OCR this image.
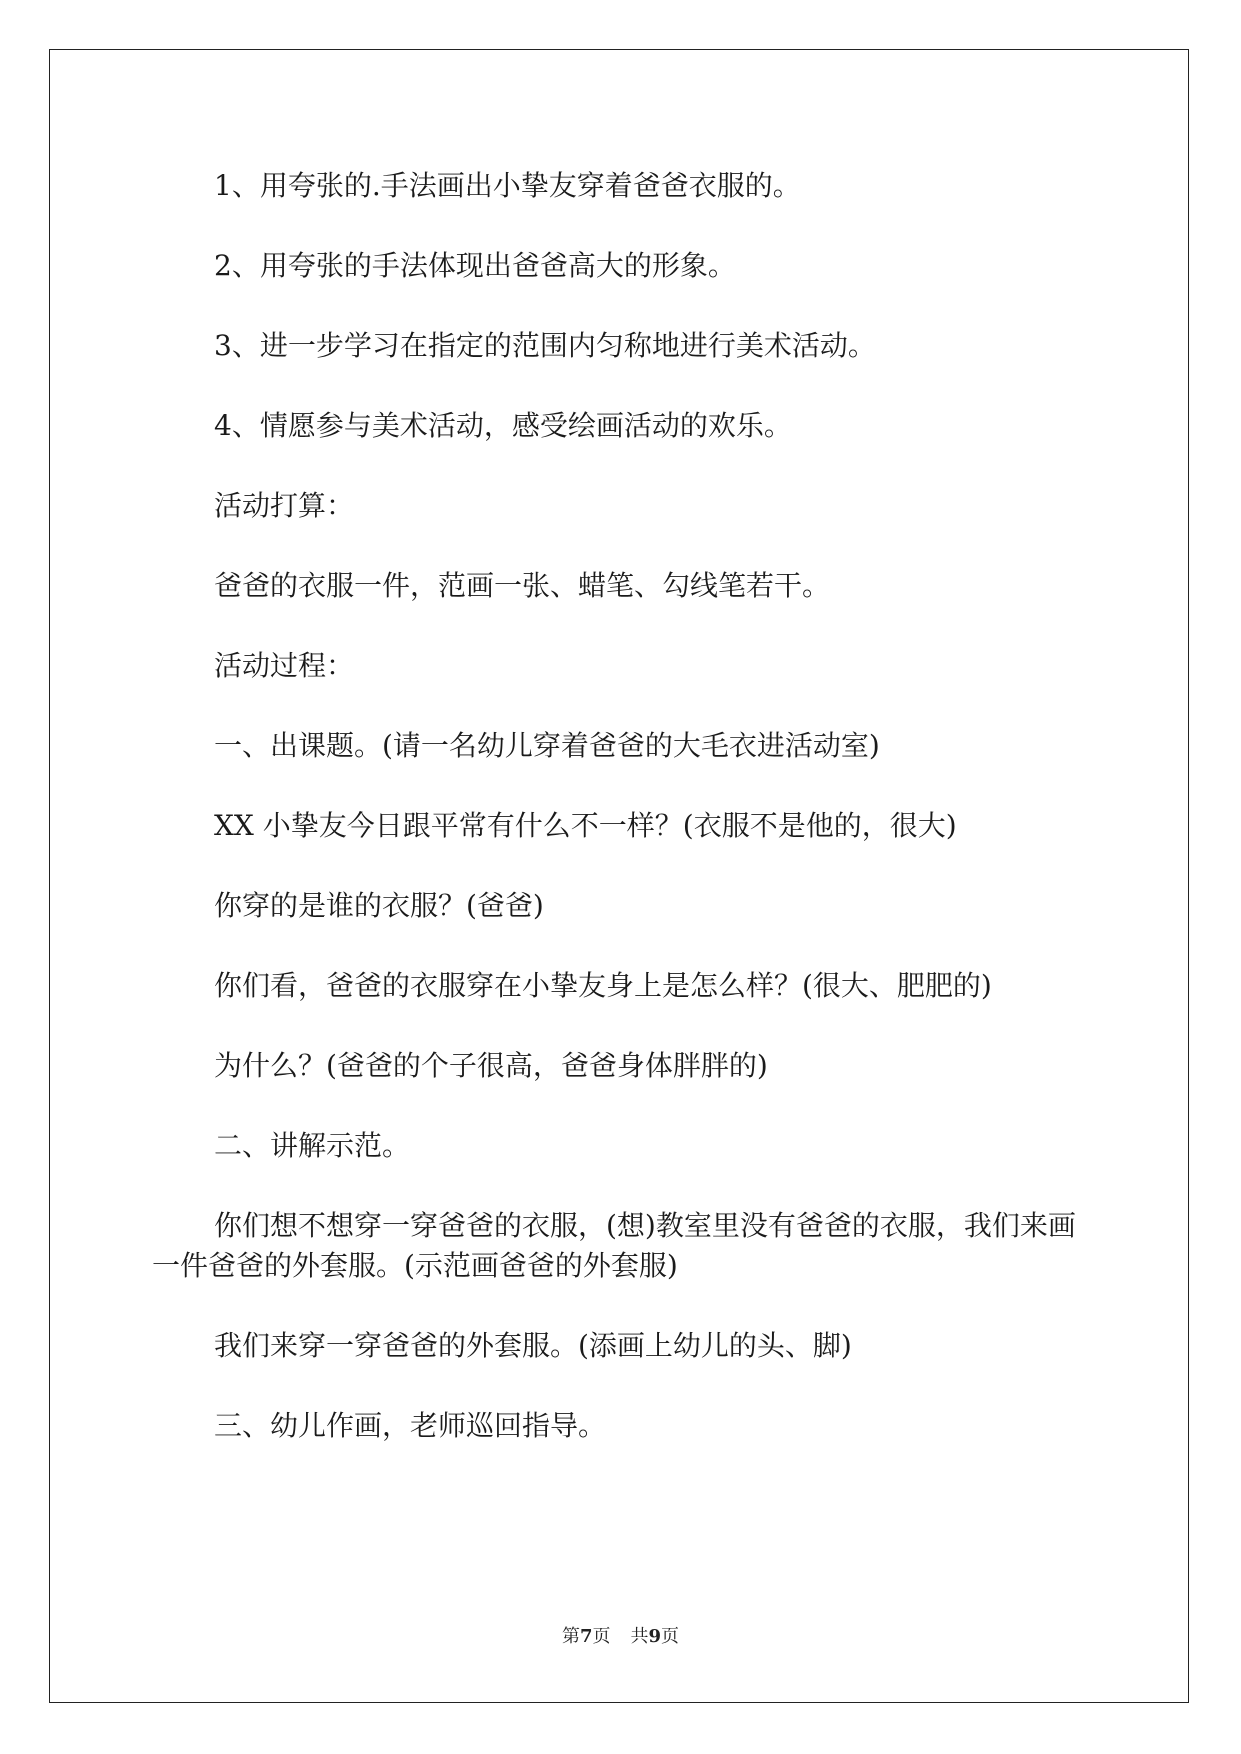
1、用夸张的.手法画出小挚友穿着爸爸衣服的。

2、用夸张的手法体现出爸爸高大的形象。

3、进一步学习在指定的范围内匀称地进行美术活动。

4、情愿参与美术活动，感受绘画活动的欢乐。

活动打算：

爸爸的衣服一件，范画一张、蜡笔、勾线笔若干。

活动过程：

一、出课题。(请一名幼儿穿着爸爸的大毛衣进活动室)

XX 小挚友今日跟平常有什么不一样？(衣服不是他的，很大)

你穿的是谁的衣服？(爸爸)

你们看，爸爸的衣服穿在小挚友身上是怎么样？(很大、肥肥的)

为什么？(爸爸的个子很高，爸爸身体胖胖的)

二、讲解示范。

你们想不想穿一穿爸爸的衣服，(想)教室里没有爸爸的衣服，我们来画一件爸爸的外套服。(示范画爸爸的外套服)

我们来穿一穿爸爸的外套服。(添画上幼儿的头、脚)

三、幼儿作画，老师巡回指导。

第7页 共9页
